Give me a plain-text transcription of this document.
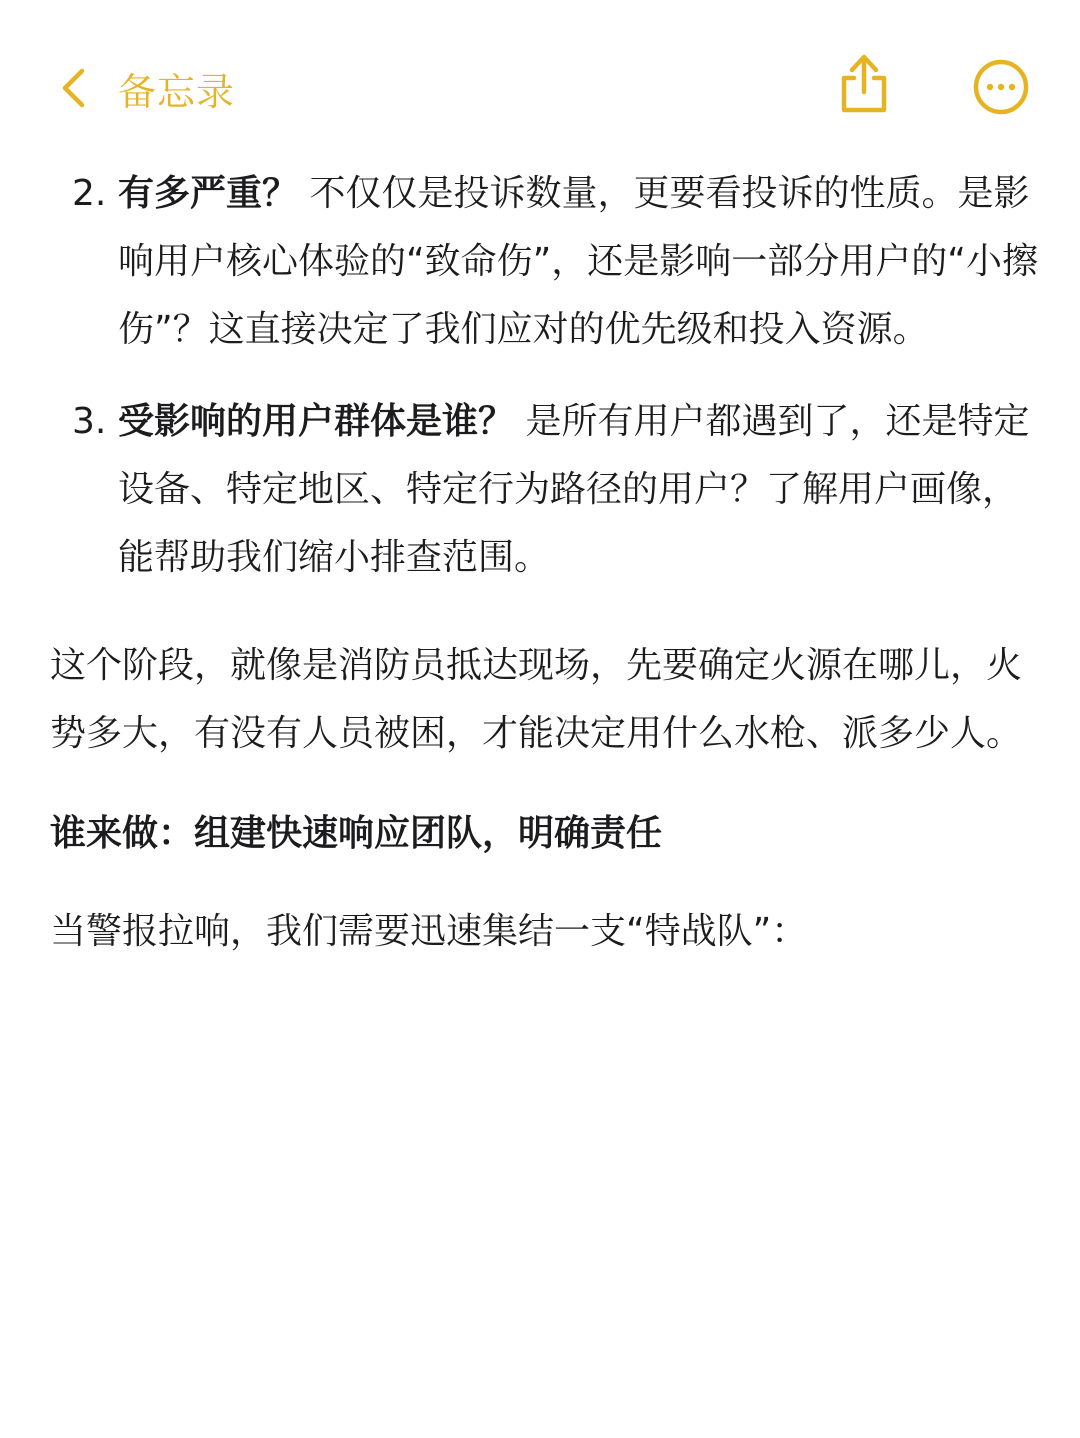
备忘录
2. 有多严重？ 不仅仅是投诉数量，更要看投诉的性质。是影响用户核心体验的“致命伤”，还是影响一部分用户的“小擦伤”？这直接决定了我们应对的优先级和投入资源。
3. 受影响的用户群体是谁？ 是所有用户都遇到了，还是特定设备、特定地区、特定行为路径的用户？了解用户画像，能帮助我们缩小排查范围。
这个阶段，就像是消防员抵达现场，先要确定火源在哪儿，火势多大，有没有人员被困，才能决定用什么水枪、派多少人。
谁来做：组建快速响应团队，明确责任
当警报拉响，我们需要迅速集结一支“特战队”：
